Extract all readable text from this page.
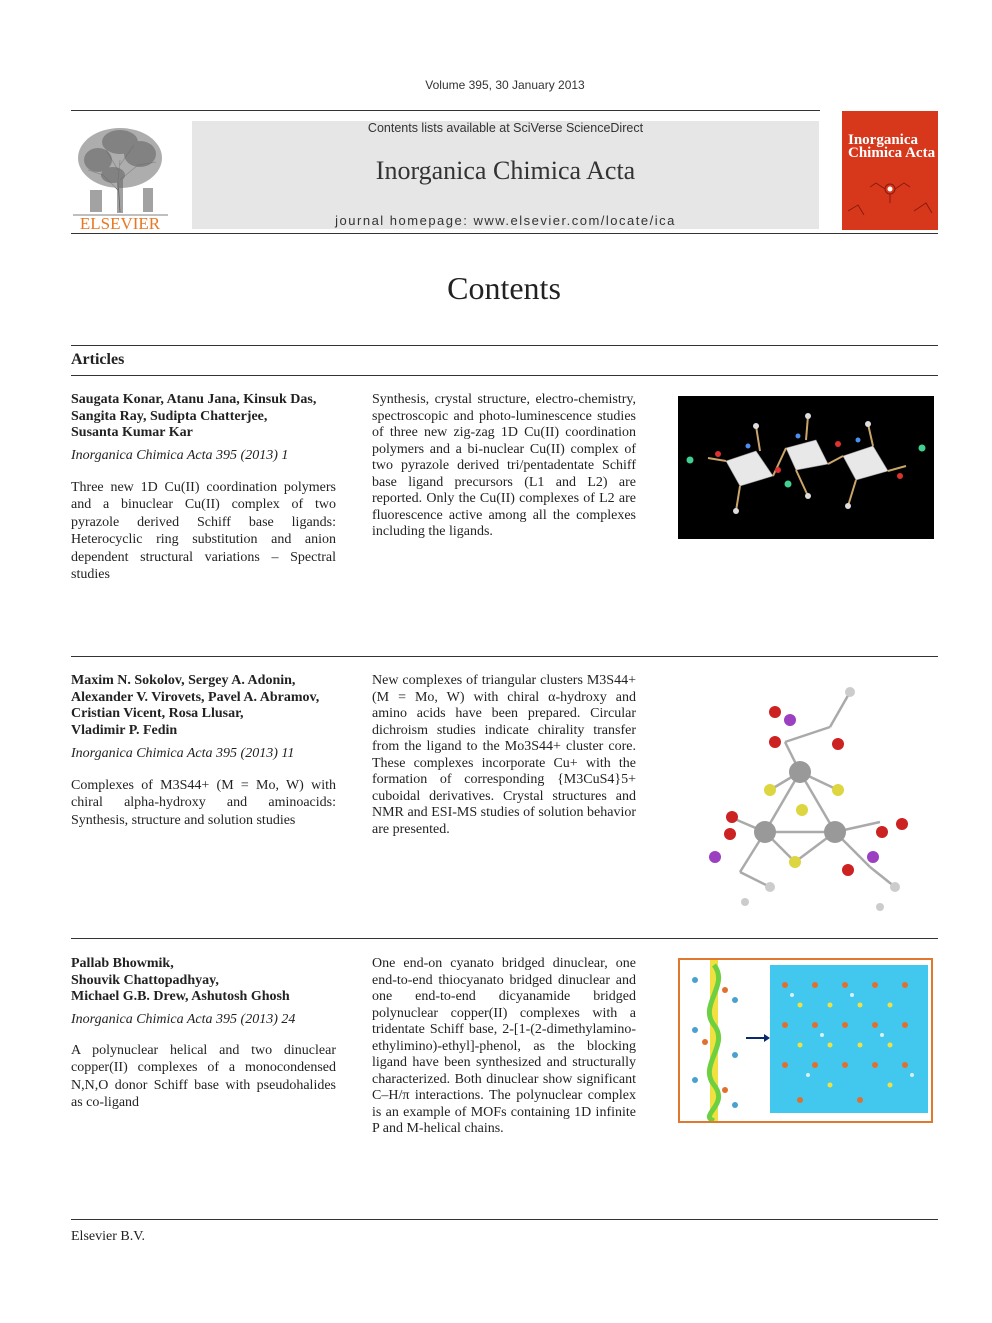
Volume 395, 30 January 2013
ELSEVIER
Contents lists available at SciVerse ScienceDirect
Inorganica Chimica Acta
journal homepage: www.elsevier.com/locate/ica
Inorganica
Chimica Acta
Contents
Articles
Saugata Konar, Atanu Jana, Kinsuk Das,
Sangita Ray, Sudipta Chatterjee,
Susanta Kumar Kar
Inorganica Chimica Acta 395 (2013) 1
Three new 1D Cu(II) coordination polymers and a binuclear Cu(II) complex of two pyrazole derived Schiff base ligands: Heterocyclic ring substitution and anion dependent structural variations – Spectral studies
Synthesis, crystal structure, electro-chemistry, spectroscopic and photo-luminescence studies of three new zig-zag 1D Cu(II) coordination polymers and a bi-nuclear Cu(II) complex of two pyrazole derived tri/pentadentate Schiff base ligand precursors (L1 and L2) are reported. Only the Cu(II) complexes of L2 are fluorescence active among all the complexes including the ligands.
Maxim N. Sokolov, Sergey A. Adonin,
Alexander V. Virovets, Pavel A. Abramov,
Cristian Vicent, Rosa Llusar,
Vladimir P. Fedin
Inorganica Chimica Acta 395 (2013) 11
Complexes of M3S44+ (M = Mo, W) with chiral alpha-hydroxy and aminoacids: Synthesis, structure and solution studies
New complexes of triangular clusters M3S44+ (M = Mo, W) with chiral α-hydroxy and amino acids have been prepared. Circular dichroism studies indicate chirality transfer from the ligand to the Mo3S44+ cluster core. These complexes incorporate Cu+ with the formation of corresponding {M3CuS4}5+ cuboidal derivatives. Crystal structures and NMR and ESI-MS studies of solution behavior are presented.
Pallab Bhowmik,
Shouvik Chattopadhyay,
Michael G.B. Drew, Ashutosh Ghosh
Inorganica Chimica Acta 395 (2013) 24
A polynuclear helical and two dinuclear copper(II) complexes of a monocondensed N,N,O donor Schiff base with pseudohalides as co-ligand
One end-on cyanato bridged dinuclear, one end-to-end thiocyanato bridged dinuclear and one end-to-end dicyanamide bridged polynuclear copper(II) complexes with a tridentate Schiff base, 2-[1-(2-dimethylamino-ethylimino)-ethyl]-phenol, as the blocking ligand have been synthesized and structurally characterized. Both dinuclear show significant C–H/π interactions. The polynuclear complex is an example of MOFs containing 1D infinite P and M-helical chains.
Elsevier B.V.
